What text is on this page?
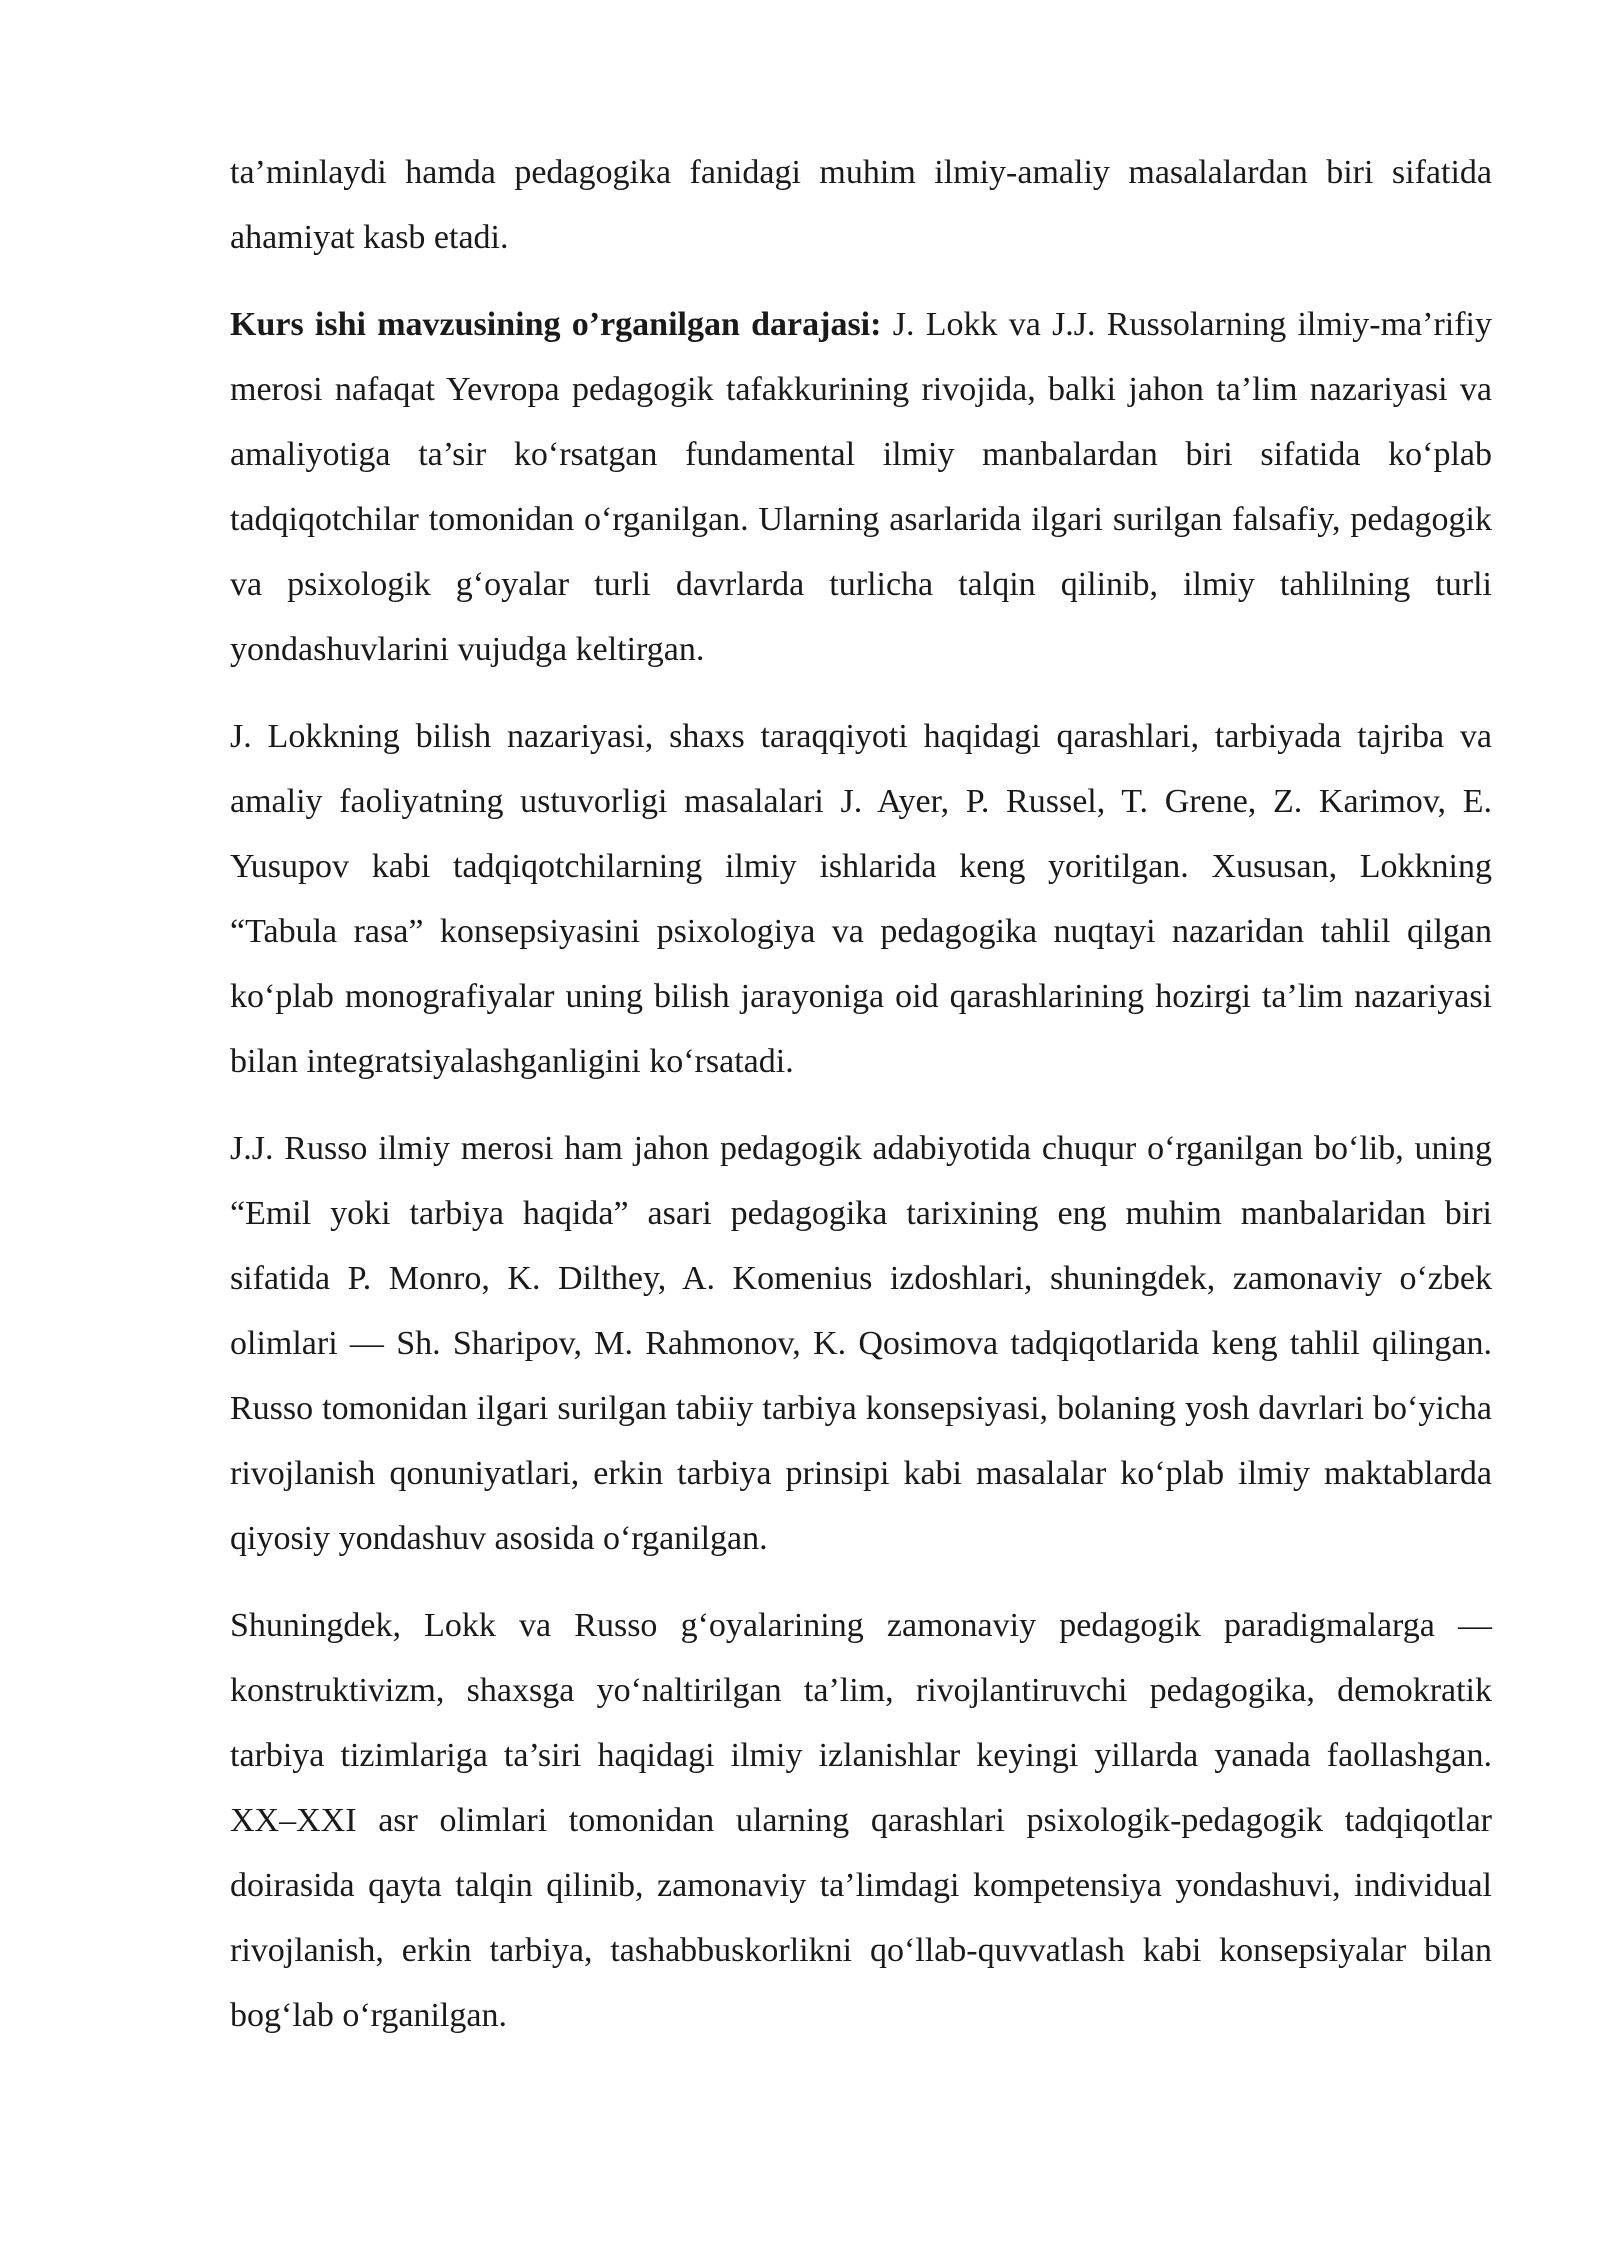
ta’minlaydi hamda pedagogika fanidagi muhim ilmiy-amaliy masalalardan biri sifatida ahamiyat kasb etadi.

Kurs ishi mavzusining o’rganilgan darajasi: J. Lokk va J.J. Russolarning ilmiy-ma’rifiy merosi nafaqat Yevropa pedagogik tafakkurining rivojida, balki jahon ta’lim nazariyasi va amaliyotiga ta’sir ko‘rsatgan fundamental ilmiy manbalardan biri sifatida ko‘plab tadqiqotchilar tomonidan o‘rganilgan. Ularning asarlarida ilgari surilgan falsafiy, pedagogik va psixologik g‘oyalar turli davrlarda turlicha talqin qilinib, ilmiy tahlilning turli yondashuvlarini vujudga keltirgan.

J. Lokkning bilish nazariyasi, shaxs taraqqiyoti haqidagi qarashlari, tarbiyada tajriba va amaliy faoliyatning ustuvorligi masalalari J. Ayer, P. Russel, T. Grene, Z. Karimov, E. Yusupov kabi tadqiqotchilarning ilmiy ishlarida keng yoritilgan. Xususan, Lokkning “Tabula rasa” konsepsiyasini psixologiya va pedagogika nuqtayi nazaridan tahlil qilgan ko‘plab monografiyalar uning bilish jarayoniga oid qarashlarining hozirgi ta’lim nazariyasi bilan integratsiyalashganligini ko‘rsatadi.

J.J. Russo ilmiy merosi ham jahon pedagogik adabiyotida chuqur o‘rganilgan bo‘lib, uning “Emil yoki tarbiya haqida” asari pedagogika tarixining eng muhim manbalaridan biri sifatida P. Monro, K. Dilthey, A. Komenius izdoshlari, shuningdek, zamonaviy o‘zbek olimlari — Sh. Sharipov, M. Rahmonov, K. Qosimova tadqiqotlarida keng tahlil qilingan. Russo tomonidan ilgari surilgan tabiiy tarbiya konsepsiyasi, bolaning yosh davrlari bo‘yicha rivojlanish qonuniyatlari, erkin tarbiya prinsipi kabi masalalar ko‘plab ilmiy maktablarda qiyosiy yondashuv asosida o‘rganilgan.

Shuningdek, Lokk va Russo g‘oyalarining zamonaviy pedagogik paradigmalarga — konstruktivizm, shaxsga yo‘naltirilgan ta’lim, rivojlantiruvchi pedagogika, demokratik tarbiya tizimlariga ta’siri haqidagi ilmiy izlanishlar keyingi yillarda yanada faollashgan. XX–XXI asr olimlari tomonidan ularning qarashlari psixologik-pedagogik tadqiqotlar doirasida qayta talqin qilinib, zamonaviy ta’limdagi kompetensiya yondashuvi, individual rivojlanish, erkin tarbiya, tashabbuskorlikni qo‘llab-quvvatlash kabi konsepsiyalar bilan bog‘lab o‘rganilgan.
